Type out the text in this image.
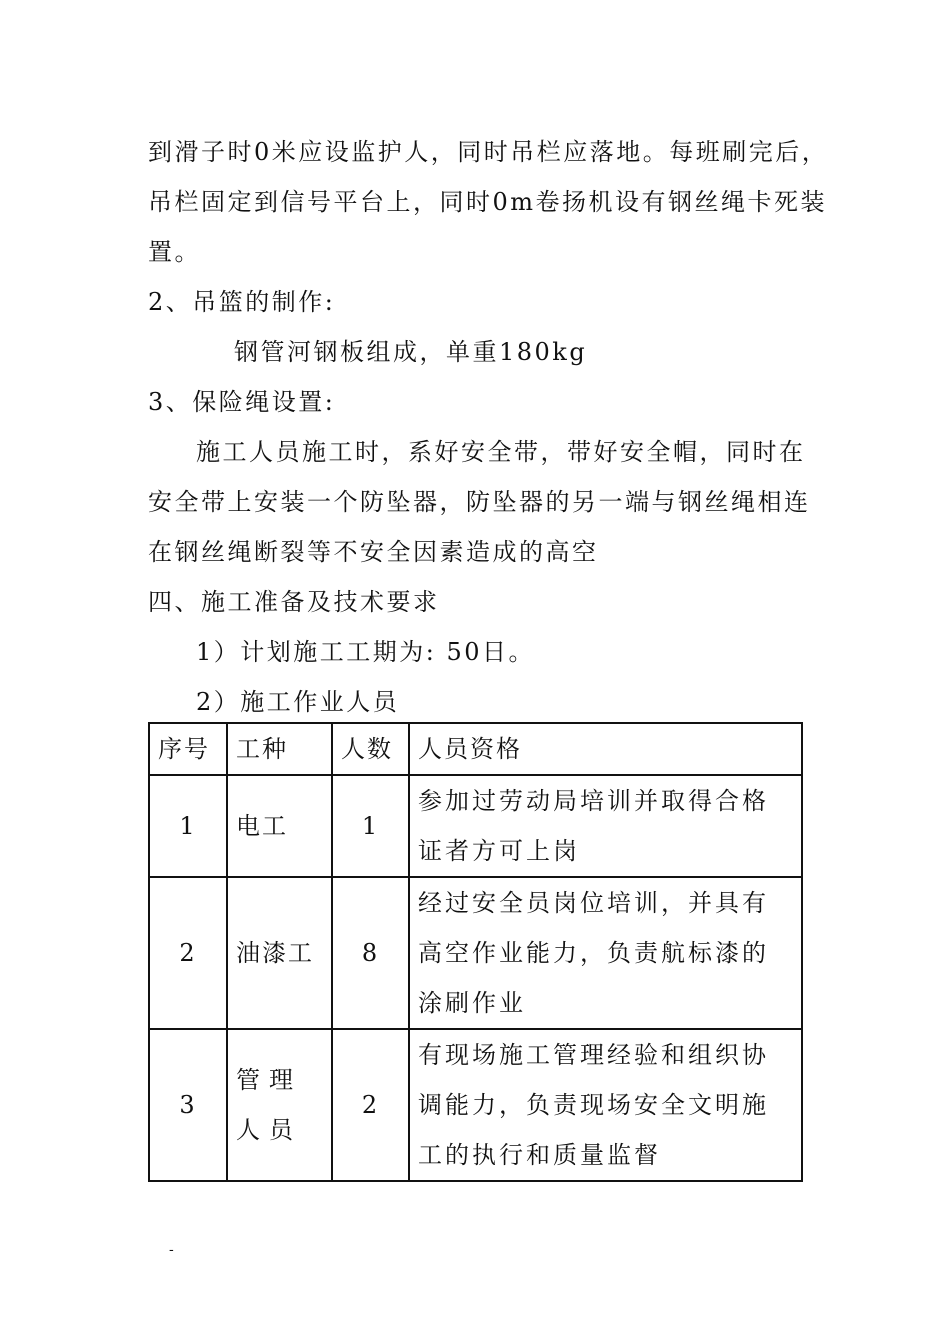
到滑子时0米应设监护人，同时吊栏应落地。每班刷完后，
吊栏固定到信号平台上，同时0m卷扬机设有钢丝绳卡死装
置。
2、吊篮的制作:
钢管河钢板组成，单重180kg
3、保险绳设置:
施工人员施工时，系好安全带，带好安全帽，同时在
安全带上安装一个防坠器，防坠器的另一端与钢丝绳相连
在钢丝绳断裂等不安全因素造成的高空
四、施工准备及技术要求
1）计划施工工期为: 50日。
2）施工作业人员
序号	工种	人数	人员资格
1	电工	1	参加过劳动局培训并取得合格证者方可上岗
2	油漆工	8	经过安全员岗位培训，并具有高空作业能力，负责航标漆的涂刷作业
3	管理人员	2	有现场施工管理经验和组织协调能力，负责现场安全文明施工的执行和质量监督
-
